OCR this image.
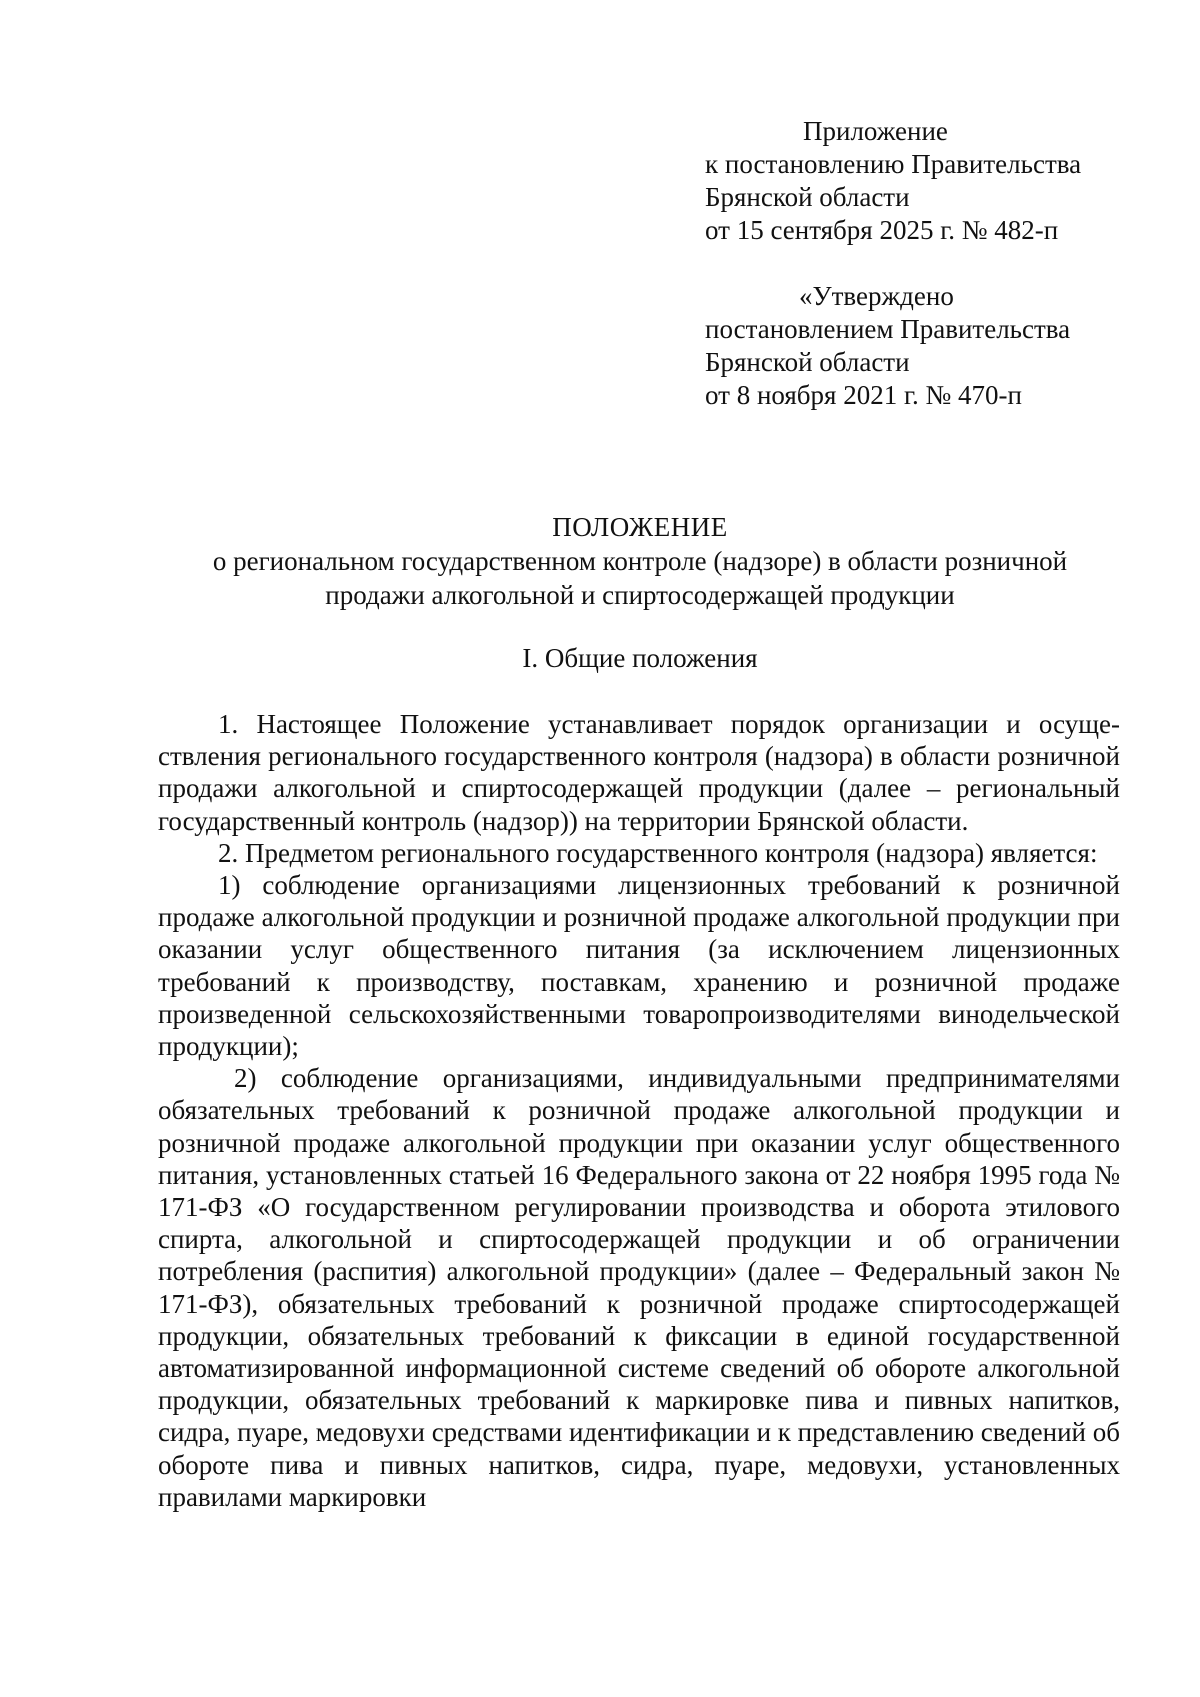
Приложение
к постановлению Правительства
Брянской области
от 15 сентября 2025 г. № 482-п
«Утверждено
постановлением Правительства
Брянской области
от 8 ноября 2021 г. № 470-п
ПОЛОЖЕНИЕ
о региональном государственном контроле (надзоре) в области розничной
продажи алкогольной и спиртосодержащей продукции
I. Общие положения

1. Настоящее Положение устанавливает порядок организации и осуществления регионального государственного контроля (надзора) в области розничной продажи алкогольной и спиртосодержащей продукции (далее – региональный государственный контроль (надзор)) на территории Брянской области.

2. Предметом регионального государственного контроля (надзора) является:

1) соблюдение организациями лицензионных требований к розничной продаже алкогольной продукции и розничной продаже алкогольной продукции при оказании услуг общественного питания (за исключением лицензионных требований к производству, поставкам, хранению и розничной продаже произведенной сельскохозяйственными товаропроизводителями винодельческой продукции);

2) соблюдение организациями, индивидуальными предпринимателями обязательных требований к розничной продаже алкогольной продукции и розничной продаже алкогольной продукции при оказании услуг общественного питания, установленных статьей 16 Федерального закона от 22 ноября 1995 года № 171-ФЗ «О государственном регулировании производства и оборота этилового спирта, алкогольной и спиртосодержащей продукции и об ограничении потребления (распития) алкогольной продукции» (далее – Федеральный закон № 171-ФЗ), обязательных требований к розничной продаже спиртосодержащей продукции, обязательных требований к фиксации в единой государственной автоматизированной информационной системе сведений об обороте алкогольной продукции, обязательных требований к маркировке пива и пивных напитков, сидра, пуаре, медовухи средствами идентификации и к представлению сведений об обороте пива и пивных напитков, сидра, пуаре, медовухи, установленных правилами маркировки
